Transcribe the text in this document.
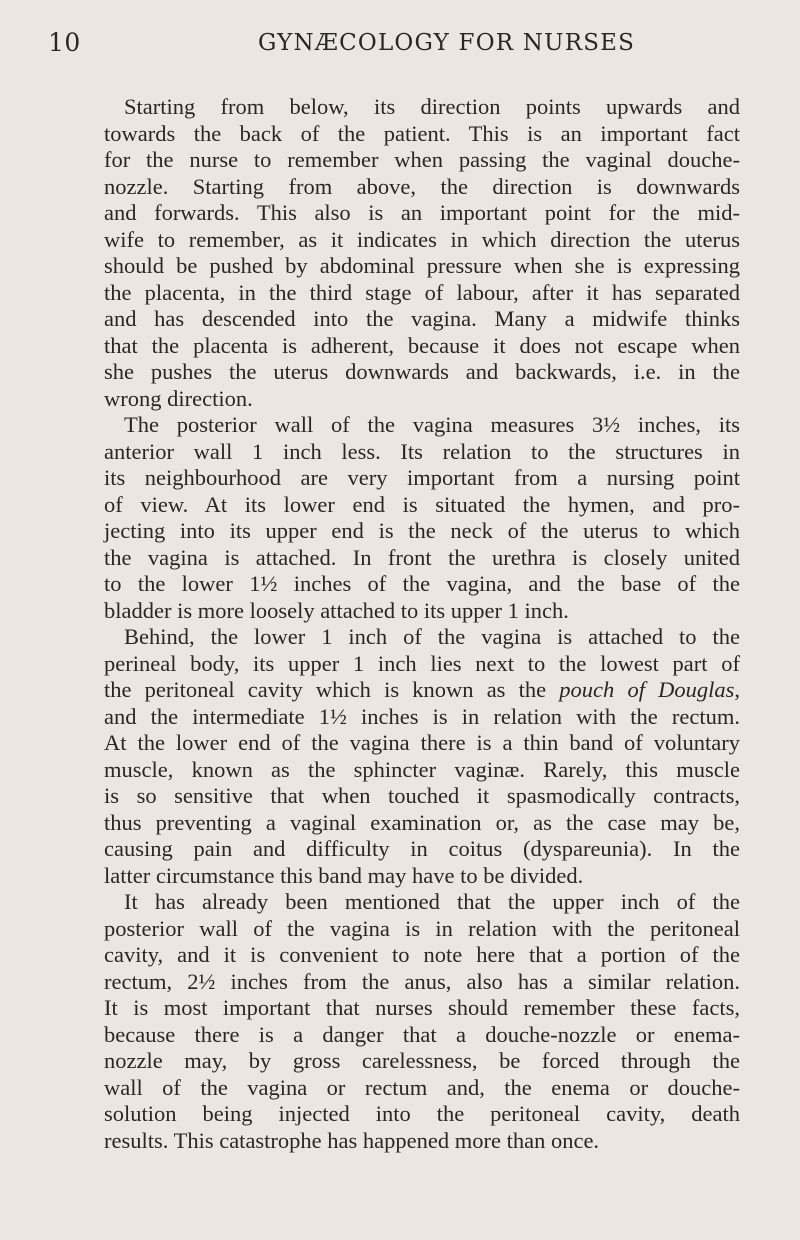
10	GYNÆCOLOGY FOR NURSES
Starting from below, its direction points upwards and
towards the back of the patient. This is an important fact
for the nurse to remember when passing the vaginal douche-
nozzle. Starting from above, the direction is downwards
and forwards. This also is an important point for the mid-
wife to remember, as it indicates in which direction the uterus
should be pushed by abdominal pressure when she is expressing
the placenta, in the third stage of labour, after it has separated
and has descended into the vagina. Many a midwife thinks
that the placenta is adherent, because it does not escape when
she pushes the uterus downwards and backwards, i.e. in the
wrong direction.
The posterior wall of the vagina measures 3½ inches, its
anterior wall 1 inch less. Its relation to the structures in
its neighbourhood are very important from a nursing point
of view. At its lower end is situated the hymen, and pro-
jecting into its upper end is the neck of the uterus to which
the vagina is attached. In front the urethra is closely united
to the lower 1½ inches of the vagina, and the base of the
bladder is more loosely attached to its upper 1 inch.
Behind, the lower 1 inch of the vagina is attached to the
perineal body, its upper 1 inch lies next to the lowest part of
the peritoneal cavity which is known as the pouch of Douglas,
and the intermediate 1½ inches is in relation with the rectum.
At the lower end of the vagina there is a thin band of voluntary
muscle, known as the sphincter vaginæ. Rarely, this muscle
is so sensitive that when touched it spasmodically contracts,
thus preventing a vaginal examination or, as the case may be,
causing pain and difficulty in coitus (dyspareunia). In the
latter circumstance this band may have to be divided.
It has already been mentioned that the upper inch of the
posterior wall of the vagina is in relation with the peritoneal
cavity, and it is convenient to note here that a portion of the
rectum, 2½ inches from the anus, also has a similar relation.
It is most important that nurses should remember these facts,
because there is a danger that a douche-nozzle or enema-
nozzle may, by gross carelessness, be forced through the
wall of the vagina or rectum and, the enema or douche-
solution being injected into the peritoneal cavity, death
results. This catastrophe has happened more than once.
